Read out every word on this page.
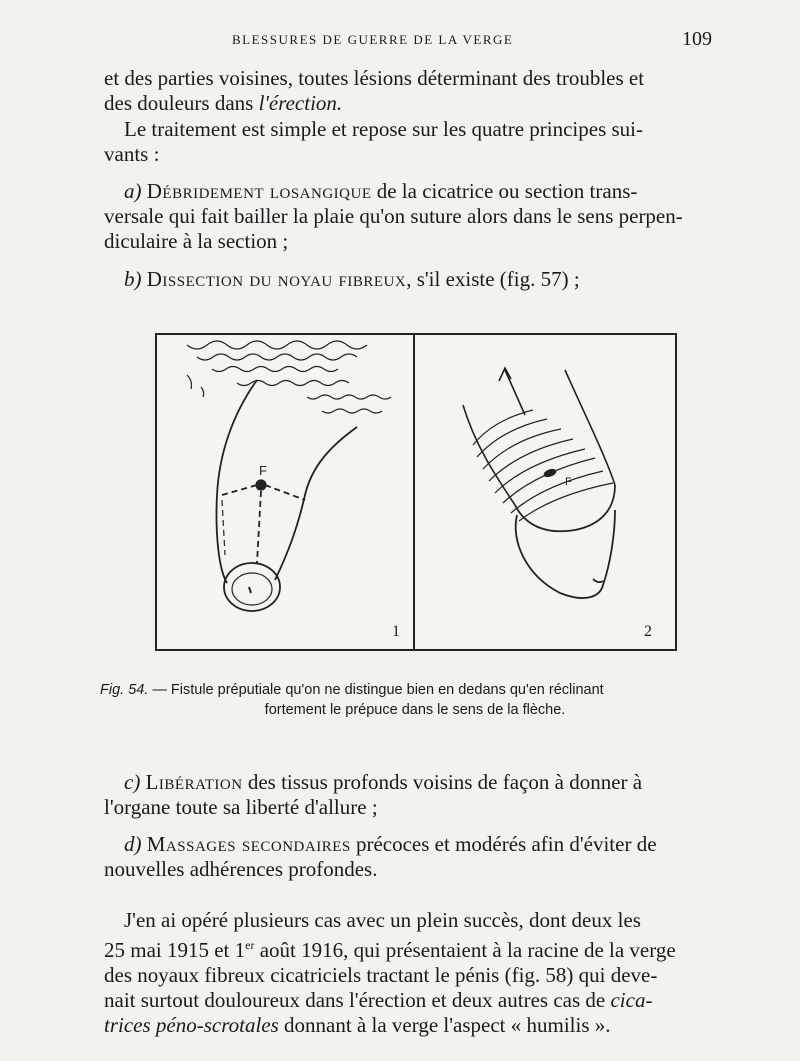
BLESSURES DE GUERRE DE LA VERGE	109
et des parties voisines, toutes lésions déterminant des troubles et
des douleurs dans l'érection.
Le traitement est simple et repose sur les quatre principes sui-
vants :
a) Débridement losangique de la cicatrice ou section trans-
versale qui fait bailler la plaie qu'on suture alors dans le sens perpen-
diculaire à la section ;
b) Dissection du noyau fibreux, s'il existe (fig. 57) ;
F
1
F
2
Fig. 54. — Fistule préputiale qu'on ne distingue bien en dedans qu'en réclinant
fortement le prépuce dans le sens de la flèche.
c) Libération des tissus profonds voisins de façon à donner à
l'organe toute sa liberté d'allure ;
d) Massages secondaires précoces et modérés afin d'éviter de
nouvelles adhérences profondes.
J'en ai opéré plusieurs cas avec un plein succès, dont deux les
25 mai 1915 et 1er août 1916, qui présentaient à la racine de la verge
des noyaux fibreux cicatriciels tractant le pénis (fig. 58) qui deve-
nait surtout douloureux dans l'érection et deux autres cas de cica-
trices péno-scrotales donnant à la verge l'aspect « humilis ».
